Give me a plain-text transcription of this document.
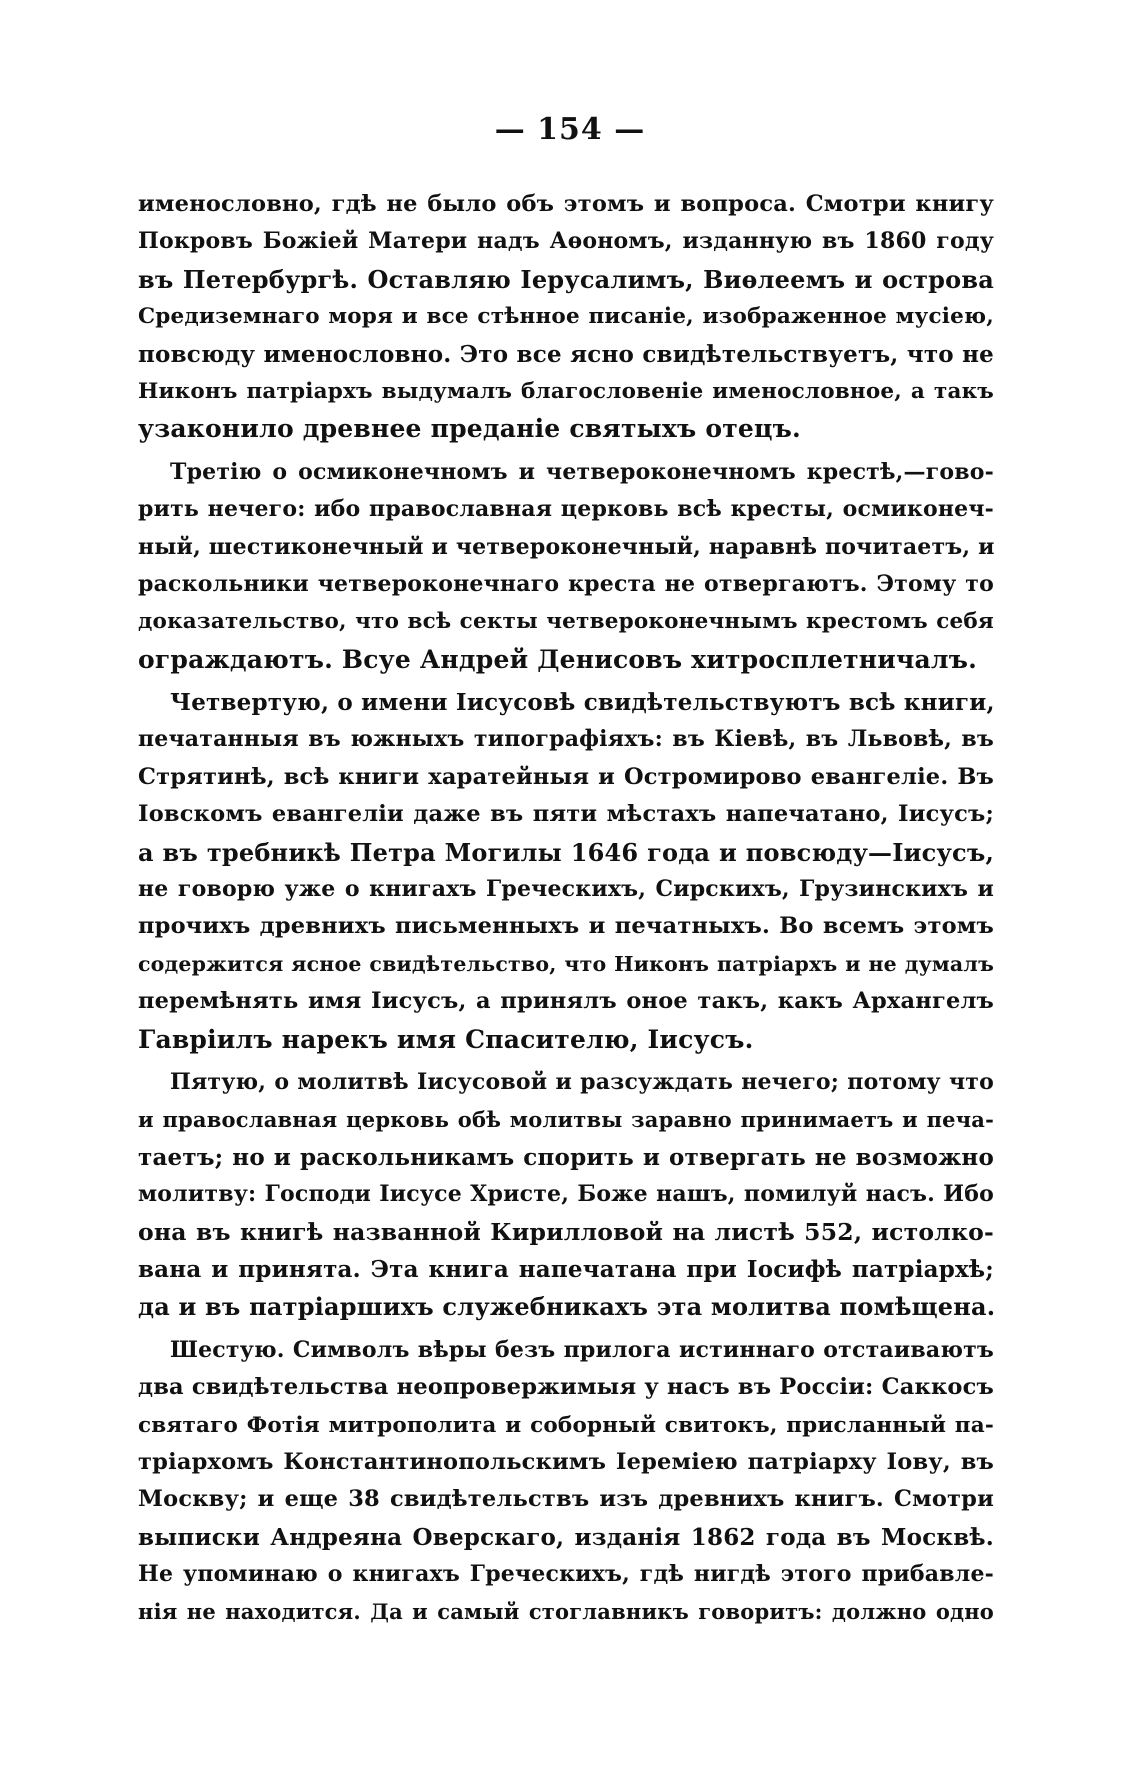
— 154 —
именословно, гдѣ не было объ этомъ и вопроса. Смотри книгу
Покровъ Божіей Матери надъ Аѳономъ, изданную въ 1860 году
въ Петербургѣ. Оставляю Іерусалимъ, Виѳлеемъ и острова
Средиземнаго моря и все стѣнное писаніе, изображенное мусіею,
повсюду именословно. Это все ясно свидѣтельствуетъ, что не
Никонъ патріархъ выдумалъ благословеніе именословное, а такъ
узаконило древнее преданіе святыхъ отецъ.
Третію о осмиконечномъ и четвероконечномъ крестѣ,—гово-
рить нечего: ибо православная церковь всѣ кресты, осмиконеч-
ный, шестиконечный и четвероконечный, наравнѣ почитаетъ, и
раскольники четвероконечнаго креста не отвергаютъ. Этому то
доказательство, что всѣ секты четвероконечнымъ крестомъ себя
ограждаютъ. Всуе Андрей Денисовъ хитросплетничалъ.
Четвертую, о имени Іисусовѣ свидѣтельствуютъ всѣ книги,
печатанныя въ южныхъ типографіяхъ: въ Кіевѣ, въ Львовѣ, въ
Стрятинѣ, всѣ книги харатейныя и Остромирово евангеліе. Въ
Іовскомъ евангеліи даже въ пяти мѣстахъ напечатано, Іисусъ;
а въ требникѣ Петра Могилы 1646 года и повсюду—Іисусъ,
не говорю уже о книгахъ Греческихъ, Сирскихъ, Грузинскихъ и
прочихъ древнихъ письменныхъ и печатныхъ. Во всемъ этомъ
содержится ясное свидѣтельство, что Никонъ патріархъ и не думалъ
перемѣнять имя Іисусъ, а принялъ оное такъ, какъ Архангелъ
Гавріилъ нарекъ имя Спасителю, Іисусъ.
Пятую, о молитвѣ Іисусовой и разсуждать нечего; потому что
и православная церковь обѣ молитвы заравно принимаетъ и печа-
таетъ; но и раскольникамъ спорить и отвергать не возможно
молитву: Господи Іисусе Христе, Боже нашъ, помилуй насъ. Ибо
она въ книгѣ названной Кирилловой на листѣ 552, истолко-
вана и принята. Эта книга напечатана при Іосифѣ патріархѣ;
да и въ патріаршихъ служебникахъ эта молитва помѣщена.
Шестую. Символъ вѣры безъ прилога истиннаго отстаиваютъ
два свидѣтельства неопровержимыя у насъ въ Россіи: Саккосъ
святаго Фотія митрополита и соборный свитокъ, присланный па-
тріархомъ Константинопольскимъ Іереміею патріарху Іову, въ
Москву; и еще 38 свидѣтельствъ изъ древнихъ книгъ. Смотри
выписки Андреяна Оверскаго, изданія 1862 года въ Москвѣ.
Не упоминаю о книгахъ Греческихъ, гдѣ нигдѣ этого прибавле-
нія не находится. Да и самый стоглавникъ говоритъ: должно одно
